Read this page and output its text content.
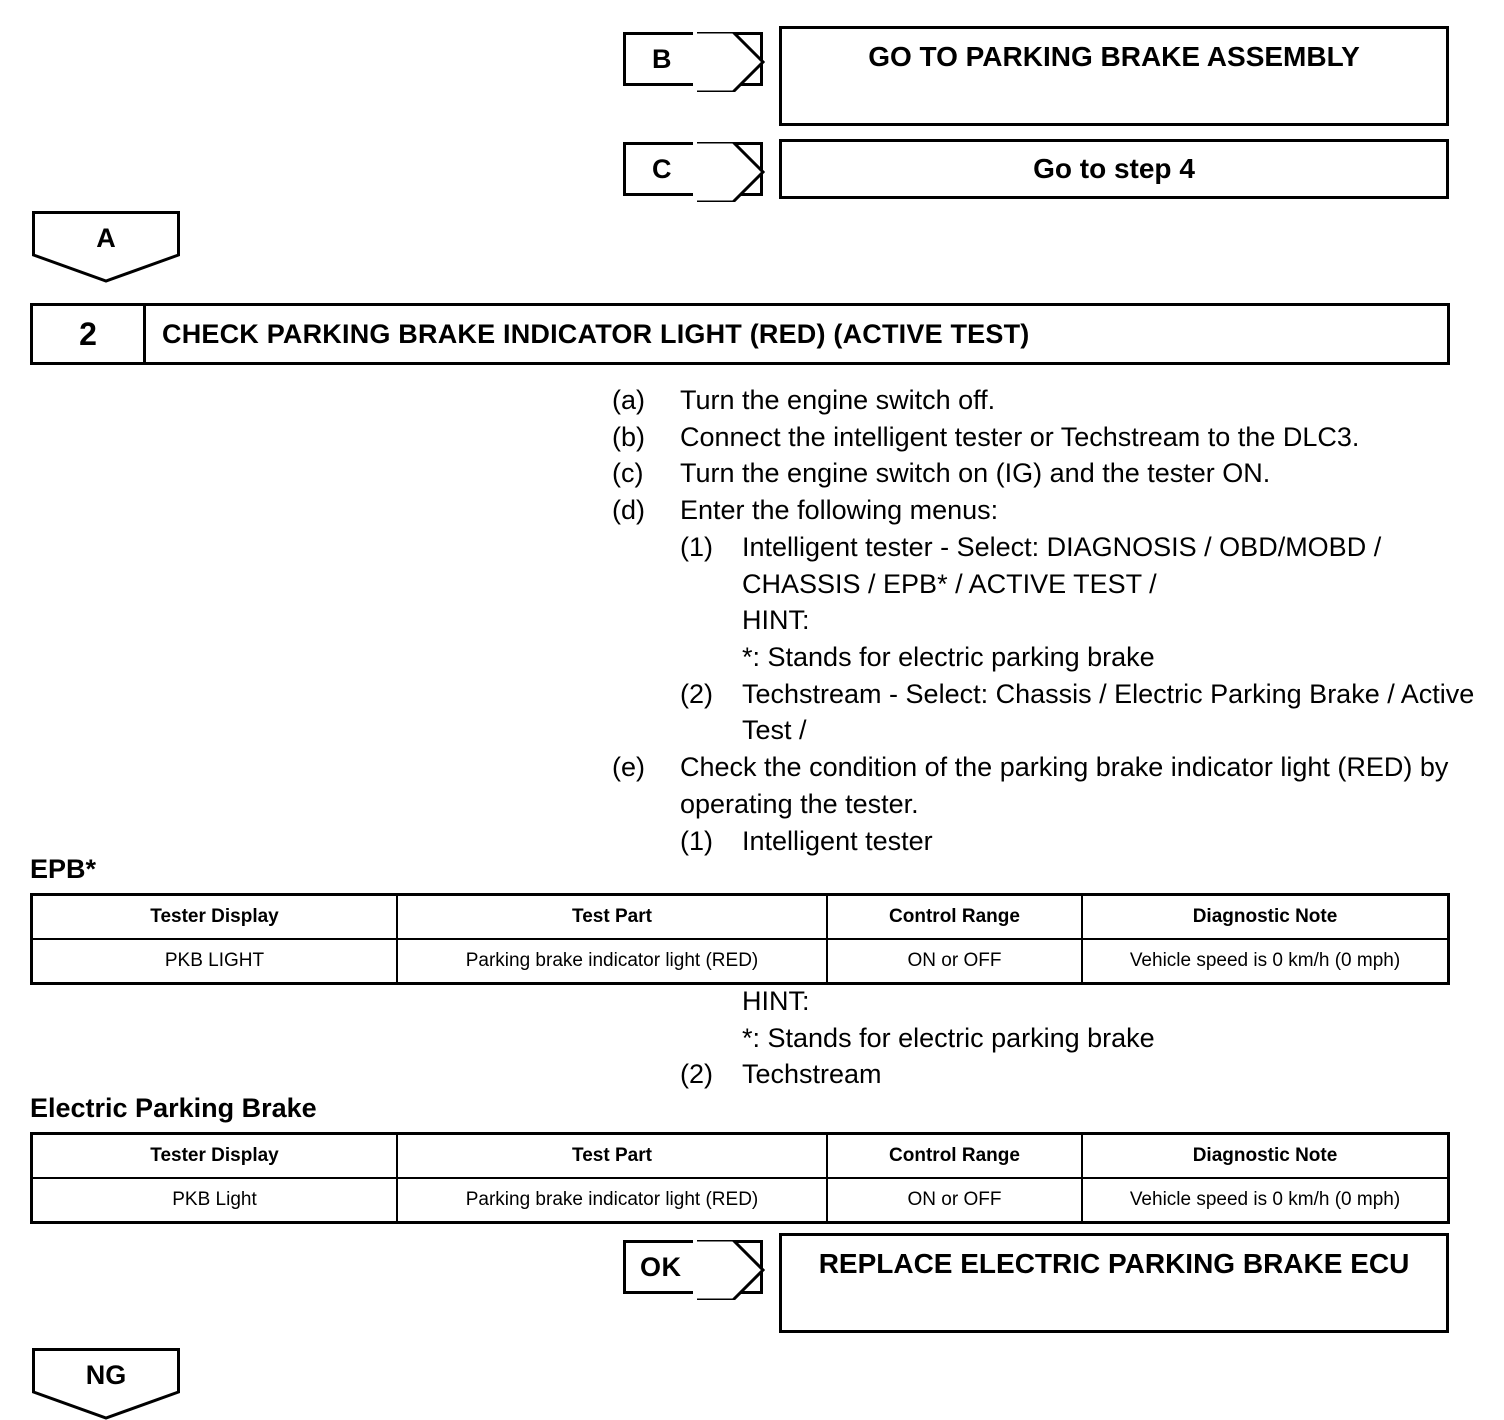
B	GO TO PARKING BRAKE ASSEMBLY
C	Go to step 4
A
2	CHECK PARKING BRAKE INDICATOR LIGHT (RED) (ACTIVE TEST)
(a)	Turn the engine switch off.
(b)	Connect the intelligent tester or Techstream to the DLC3.
(c)	Turn the engine switch on (IG) and the tester ON.
(d)	Enter the following menus:
(1)	Intelligent tester - Select: DIAGNOSIS / OBD/MOBD / CHASSIS / EPB* / ACTIVE TEST /
HINT:
*: Stands for electric parking brake
(2)	Techstream - Select: Chassis / Electric Parking Brake / Active Test /
(e)	Check the condition of the parking brake indicator light (RED) by operating the tester.
(1)	Intelligent tester
EPB*
Tester Display	Test Part	Control Range	Diagnostic Note
PKB LIGHT	Parking brake indicator light (RED)	ON or OFF	Vehicle speed is 0 km/h (0 mph)
HINT:
*: Stands for electric parking brake
(2)	Techstream
Electric Parking Brake
Tester Display	Test Part	Control Range	Diagnostic Note
PKB Light	Parking brake indicator light (RED)	ON or OFF	Vehicle speed is 0 km/h (0 mph)
OK	REPLACE ELECTRIC PARKING BRAKE ECU
NG
